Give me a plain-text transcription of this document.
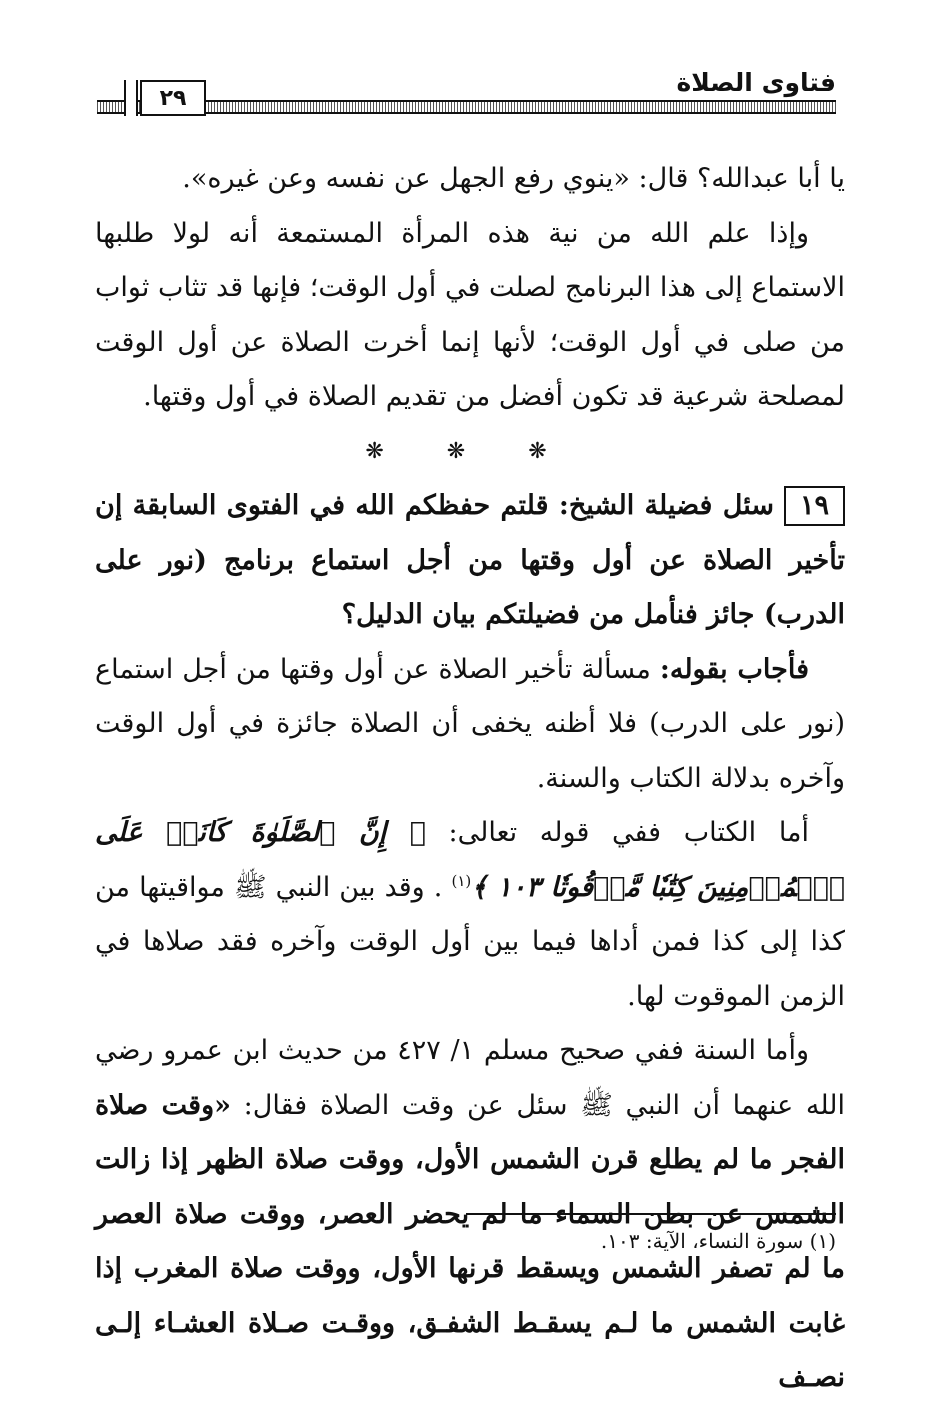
فتاوى الصلاة
٢٩

يا أبا عبدالله؟ قال: «ينوي رفع الجهل عن نفسه وعن غيره».

وإذا علم الله من نية هذه المرأة المستمعة أنه لولا طلبها الاستماع إلى هذا البرنامج لصلت في أول الوقت؛ فإنها قد تثاب ثواب من صلى في أول الوقت؛ لأنها إنما أخرت الصلاة عن أول الوقت لمصلحة شرعية قد تكون أفضل من تقديم الصلاة في أول وقتها.

❋ ❋ ❋

١٩سئل فضيلة الشيخ: قلتم حفظكم الله في الفتوى السابقة إن تأخير الصلاة عن أول وقتها من أجل استماع برنامج (نور على الدرب) جائز فنأمل من فضيلتكم بيان الدليل؟

فأجاب بقوله: مسألة تأخير الصلاة عن أول وقتها من أجل استماع (نور على الدرب) فلا أظنه يخفى أن الصلاة جائزة في أول الوقت وآخره بدلالة الكتاب والسنة.

أما الكتاب ففي قوله تعالى: ﴿ إِنَّ ٱلصَّلَوٰةَ كَانَتۡ عَلَى ٱلۡمُؤۡمِنِينَ كِتَٰبٗا مَّوۡقُوتٗا ١٠٣ ﴾$^{(١)}$ . وقد بين النبي ﷺ مواقيتها من كذا إلى كذا فمن أداها فيما بين أول الوقت وآخره فقد صلاها في الزمن الموقوت لها.

وأما السنة ففي صحيح مسلم ١/ ٤٢٧ من حديث ابن عمرو رضي الله عنهما أن النبي ﷺ سئل عن وقت الصلاة فقال: «وقت صلاة الفجر ما لم يطلع قرن الشمس الأول، ووقت صلاة الظهر إذا زالت الشمس عن بطن السماء ما لم يحضر العصر، ووقت صلاة العصر ما لم تصفر الشمس ويسقط قرنها الأول، ووقت صلاة المغرب إذا غابت الشمس ما لـم يسقـط الشفـق، ووقـت صـلاة العشـاء إلـى نصـف

(١) سورة النساء، الآية: ١٠٣.
